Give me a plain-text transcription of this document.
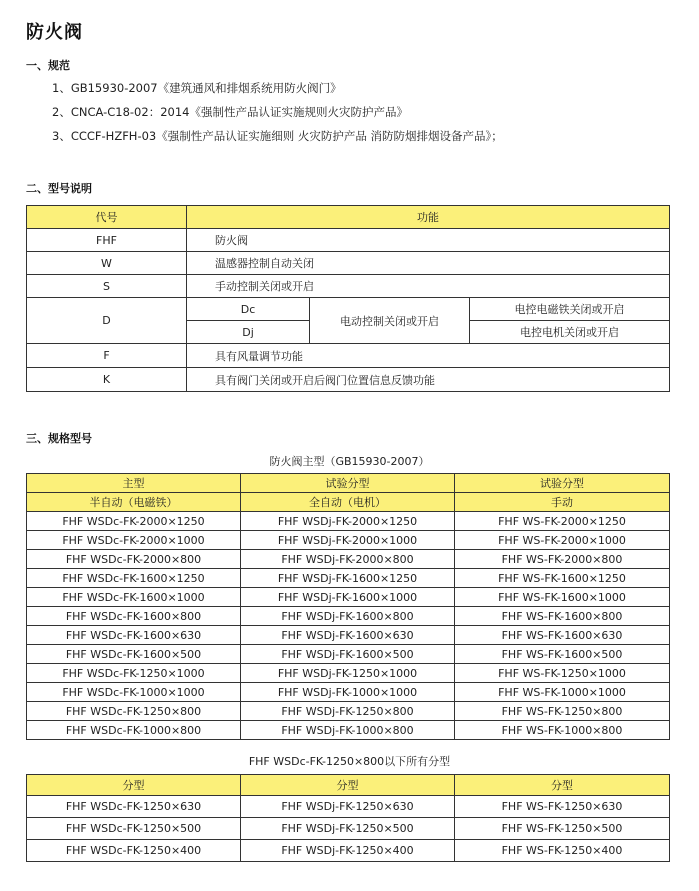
防火阀
一、规范
1、GB15930-2007《建筑通风和排烟系统用防火阀门》
2、CNCA-C18-02：2014《强制性产品认证实施规则火灾防护产品》
3、CCCF-HZFH-03《强制性产品认证实施细则 火灾防护产品 消防防烟排烟设备产品》；
二、型号说明
代号	功能		
FHF	防火阀		
W	温感器控制自动关闭		
S	手动控制关闭或开启		
D	Dc	电动控制关闭或开启	电控电磁铁关闭或开启
	Dj		电控电机关闭或开启
F	具有风量调节功能		
K	具有阀门关闭或开启后阀门位置信息反馈功能		
三、规格型号
防火阀主型（GB15930-2007）
主型	试验分型	试验分型
半自动（电磁铁）	全自动（电机）	手动
FHF WSDc-FK-2000×1250	FHF WSDj-FK-2000×1250	FHF WS-FK-2000×1250
FHF WSDc-FK-2000×1000	FHF WSDj-FK-2000×1000	FHF WS-FK-2000×1000
FHF WSDc-FK-2000×800	FHF WSDj-FK-2000×800	FHF WS-FK-2000×800
FHF WSDc-FK-1600×1250	FHF WSDj-FK-1600×1250	FHF WS-FK-1600×1250
FHF WSDc-FK-1600×1000	FHF WSDj-FK-1600×1000	FHF WS-FK-1600×1000
FHF WSDc-FK-1600×800	FHF WSDj-FK-1600×800	FHF WS-FK-1600×800
FHF WSDc-FK-1600×630	FHF WSDj-FK-1600×630	FHF WS-FK-1600×630
FHF WSDc-FK-1600×500	FHF WSDj-FK-1600×500	FHF WS-FK-1600×500
FHF WSDc-FK-1250×1000	FHF WSDj-FK-1250×1000	FHF WS-FK-1250×1000
FHF WSDc-FK-1000×1000	FHF WSDj-FK-1000×1000	FHF WS-FK-1000×1000
FHF WSDc-FK-1250×800	FHF WSDj-FK-1250×800	FHF WS-FK-1250×800
FHF WSDc-FK-1000×800	FHF WSDj-FK-1000×800	FHF WS-FK-1000×800
FHF WSDc-FK-1250×800以下所有分型
分型	分型	分型
FHF WSDc-FK-1250×630	FHF WSDj-FK-1250×630	FHF WS-FK-1250×630
FHF WSDc-FK-1250×500	FHF WSDj-FK-1250×500	FHF WS-FK-1250×500
FHF WSDc-FK-1250×400	FHF WSDj-FK-1250×400	FHF WS-FK-1250×400
